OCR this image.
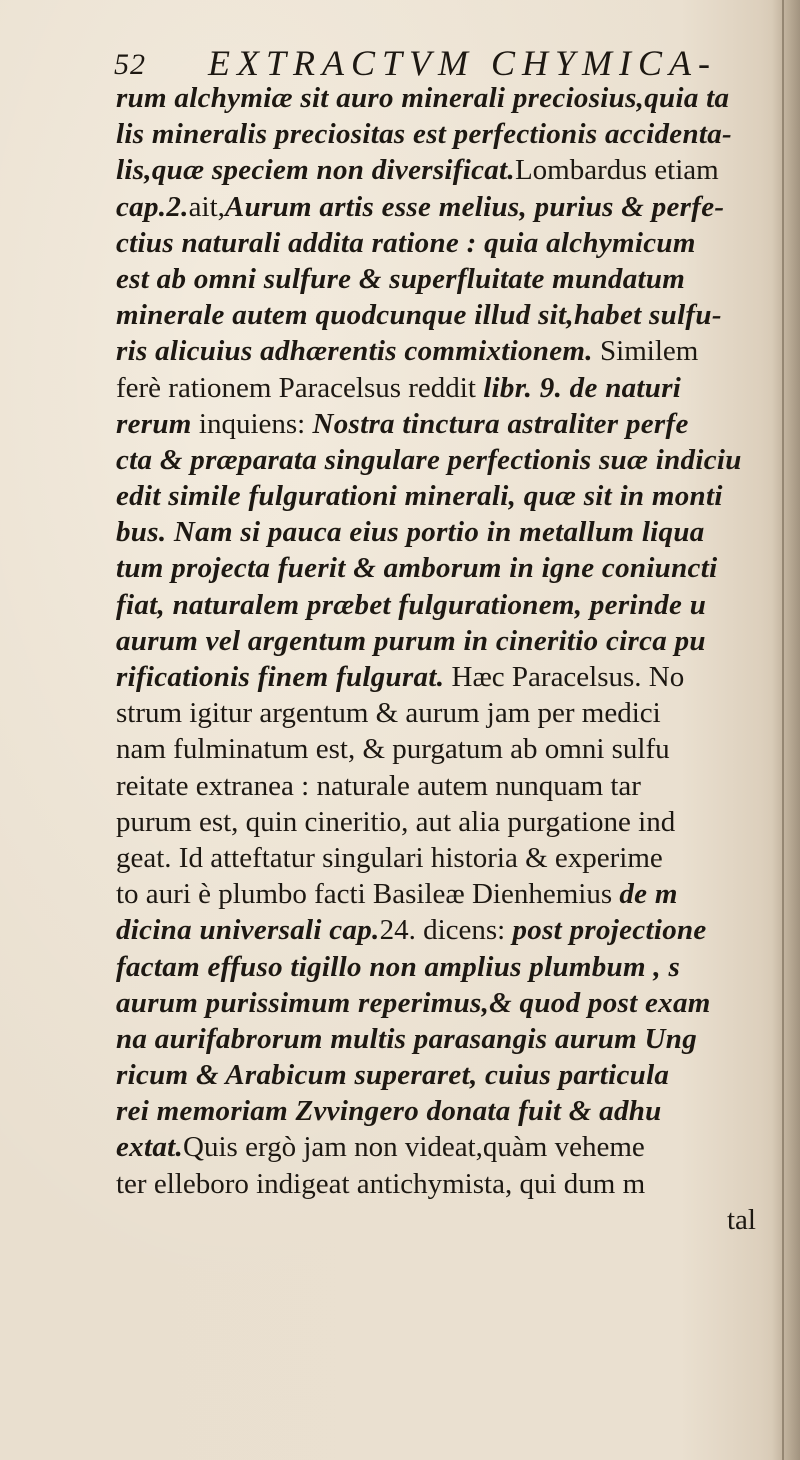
52 EXTRACTVM CHYMICA-
rum alchymiæ sit auro minerali preciosius,quia ta
lis mineralis preciositas est perfectionis accidenta-
lis,quæ speciem non diversificat.Lombardus etiam
cap.2.ait,Aurum artis esse melius, purius & perfe-
ctius naturali addita ratione : quia alchymicum
est ab omni sulfure & superfluitate mundatum
minerale autem quodcunque illud sit,habet sulfu-
ris alicuius adhærentis commixtionem. Similem
ferè rationem Paracelsus reddit libr. 9. de naturi
rerum inquiens: Nostra tinctura astraliter perfe
cta & præparata singulare perfectionis suæ indiciu
edit simile fulgurationi minerali, quæ sit in monti
bus. Nam si pauca eius portio in metallum liqua
tum projecta fuerit & amborum in igne coniuncti
fiat, naturalem præbet fulgurationem, perinde u
aurum vel argentum purum in cineritio circa pu
rificationis finem fulgurat. Hæc Paracelsus. No
strum igitur argentum & aurum jam per medici
nam fulminatum est, & purgatum ab omni sulfu
reitate extranea : naturale autem nunquam tar
purum est, quin cineritio, aut alia purgatione ind
geat. Id atteftatur singulari historia & experime
to auri è plumbo facti Basileæ Dienhemius de m
dicina universali cap.24. dicens: post projectione
factam effuso tigillo non amplius plumbum , s
aurum purissimum reperimus,& quod post exam
na aurifabrorum multis parasangis aurum Ung
ricum & Arabicum superaret, cuius particula
rei memoriam Zvvingero donata fuit & adhu
extat.Quis ergò jam non videat,quàm veheme
ter elleboro indigeat antichymista, qui dum m
tal
